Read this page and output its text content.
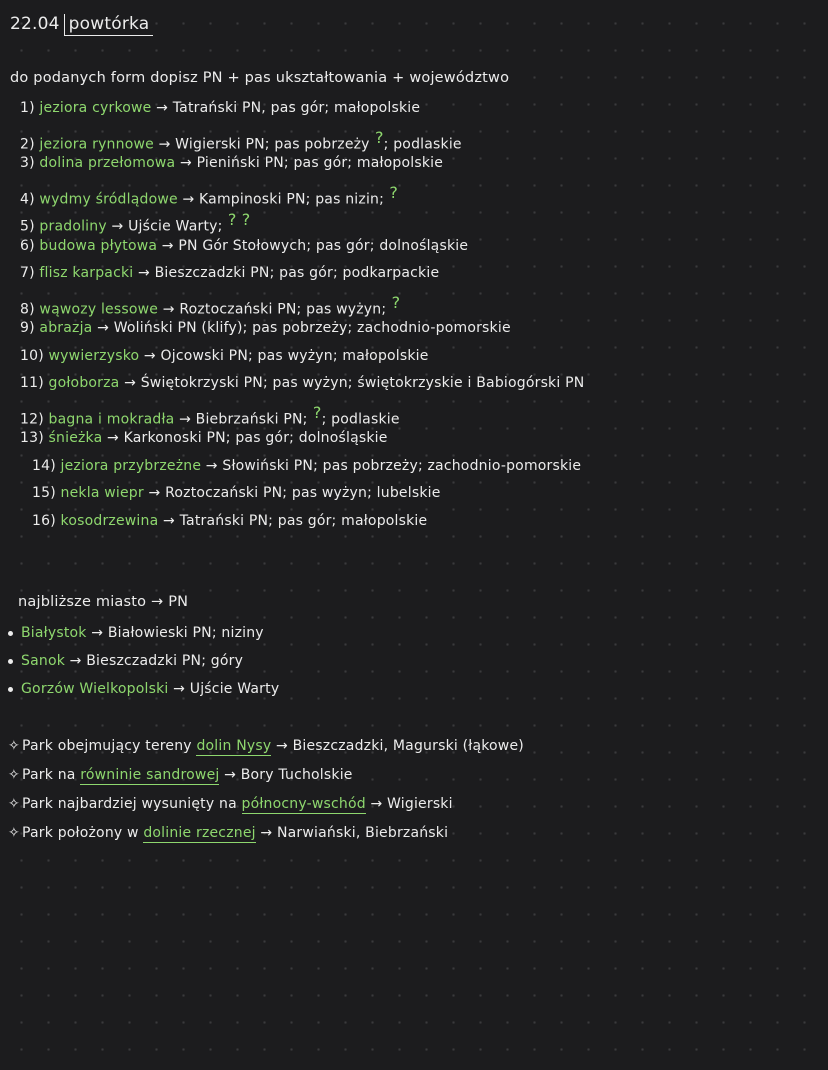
22.04 powtórka
do podanych form dopisz PN + pas ukształtowania + województwo
1) jeziora cyrkowe → Tatrański PN, pas gór; małopolskie
2) jeziora rynnowe → Wigierski PN; pas pobrzeży ?; podlaskie
3) dolina przełomowa → Pieniński PN; pas gór; małopolskie
4) wydmy śródlądowe → Kampinoski PN; pas nizin; ?
5) pradoliny → Ujście Warty; ? ?
6) budowa płytowa → PN Gór Stołowych; pas gór; dolnośląskie
7) flisz karpacki → Bieszczadzki PN; pas gór; podkarpackie
8) wąwozy lessowe → Roztoczański PN; pas wyżyn; ?
9) abrazja → Woliński PN (klify); pas pobrzeży; zachodnio-pomorskie
10) wywierzysko → Ojcowski PN; pas wyżyn; małopolskie
11) gołoborza → Świętokrzyski PN; pas wyżyn; świętokrzyskie i Babiogórski PN
12) bagna i mokradła → Biebrzański PN; ?; podlaskie
13) śnieżka → Karkonoski PN; pas gór; dolnośląskie
14) jeziora przybrzeżne → Słowiński PN; pas pobrzeży; zachodnio-pomorskie
15) nekla wiepr → Roztoczański PN; pas wyżyn; lubelskie
16) kosodrzewina → Tatrański PN; pas gór; małopolskie
najbliższe miasto → PN
Białystok → Białowieski PN; niziny
Sanok → Bieszczadzki PN; góry
Gorzów Wielkopolski → Ujście Warty
✧Park obejmujący tereny dolin Nysy → Bieszczadzki, Magurski (łąkowe)
✧Park na równinie sandrowej → Bory Tucholskie
✧Park najbardziej wysunięty na północny-wschód → Wigierski
✧Park położony w dolinie rzecznej → Narwiański, Biebrzański
